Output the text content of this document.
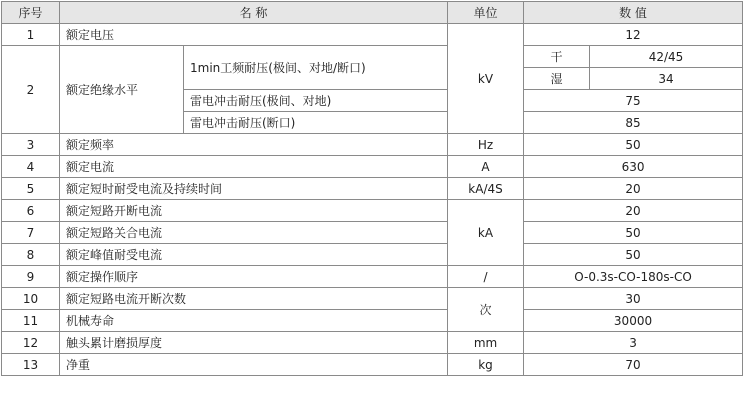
序号	名 称		单位	数 值	
1	额定电压		kV	12	
2	额定绝缘水平	1min工频耐压(极间、对地/断口)		干	42/45
				湿	34

		雷电冲击耐压(极间、对地)		75	
		雷电冲击耐压(断口)		85	
3	额定频率		Hz	50	
4	额定电流		A	630	
5	额定短时耐受电流及持续时间		kA/4S	20	
6	额定短路开断电流		kA	20	
7	额定短路关合电流			50	
8	额定峰值耐受电流			50	
9	额定操作顺序		/	O-0.3s-CO-180s-CO	
10	额定短路电流开断次数		次	30	
11	机械寿命			30000	
12	触头累计磨损厚度		mm	3	
13	净重		kg	70	
